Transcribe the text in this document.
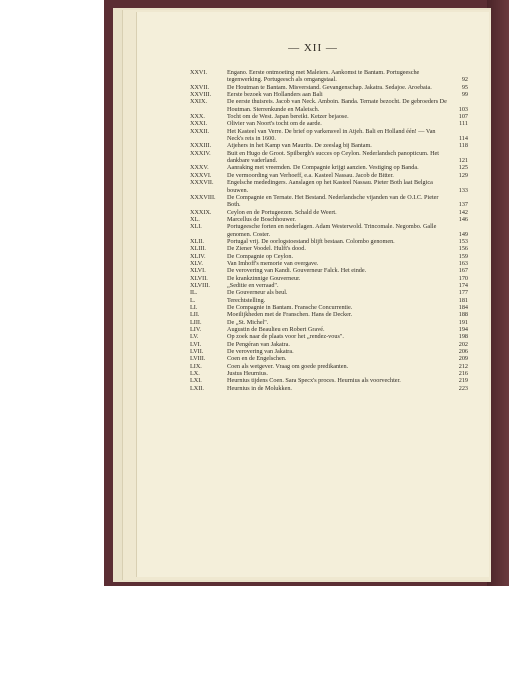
— XII —
XXVI.	Engano. Eerste ontmoeting met Maleiers. Aankomst te Bantam. Portugeesche tegenwerking. Portugeesch als omgangstaal.	92
XXVII.	De Houtman te Bantam. Misverstand. Gevangenschap. Jakatra. Sedajoe. Aroebaia.	95
XXVIII.	Eerste bezoek van Hollanders aan Bali	99
XXIX.	De eerste thuisreis. Jacob van Neck. Amboin. Banda. Ternate bezocht. De gebroeders De Houtman. Sterrenkunde en Maleisch.	103
XXX.	Tocht om de West. Japan bereikt. Ketzer bejaose.	107
XXXI.	Olivier van Noort's tocht om de aarde.	111
XXXII.	Het Kasteel van Verre. De brief op varkensvel in Atjeh. Bali en Holland één! — Van Neck's reis in 1600.	114
XXXIII.	Atjehers in het Kamp van Maurits. De zeeslag bij Bantam.	118
XXXIV.	Buit en Hugo de Groot. Spilbergh's succes op Ceylon. Nederlandsch panopticum. Het dankbare vaderland.	121
XXXV.	Aanraking met vreemden. De Compagnie krijgt aanzien. Vestiging op Banda.	125
XXXVI.	De vermoording van Verhoeff, e.a. Kasteel Nassau. Jacob de Bitter.	129
XXXVII. Engelsche mededingers. Aanslagen op het Kasteel Nassau. Pieter Both laat Belgica bouwen.	133
XXXVIII. De Compagnie en Ternate. Het Bestand. Nederlandsche vijanden van de O.I.C. Pieter Both.	137
XXXIX.	Ceylon en de Portugeezen. Schald de Weert.	142
XL.	Marcellus de Boschhouwer.	146
XLI.	Portugeesche forten en nederlagen. Adam Westerwold. Trincomale. Negombo. Galle genomen. Coster.	149
XLII.	Portugal vrij. De oorlogstoestand blijft bestaan. Colombo genomen.	153
XLIII.	De Ziener Voodel. Hulft's dood.	156
XLIV.	De Compagnie op Ceylon.	159
XLV.	Van Imhoff's memorie van overgave.	163
XLVI.	De verovering van Kandi. Gouverneur Falck. Het einde.	167
XLVII.	De krankzinnige Gouverneur.	170
XLVIII.	„Seditie en verraad".	174
IL.	De Gouverneur als beul.	177
L.	Terechtstelling.	181
LI.	De Compagnie in Bantam. Fransche Concurrentie.	184
LII.	Moeilijkheden met de Franschen. Hans de Decker.	188
LIII.	De „St. Michel".	191
LIV.	Augustin de Beaulieu en Robert Gravé.	194
LV.	Op zoek naar de plaats voor het „rendez-vous".	198
LVI.	De Pengéran van Jakatra.	202
LVII.	De verovering van Jakatra.	206
LVIII.	Coen en de Engelschen.	209
LIX.	Coen als wetgever. Vraag om goede predikanten.	212
LX.	Justus Heurnius.	216
LXI.	Heurnius tijdens Coen. Sara Specx's proces. Heurnius als voorvechter.	219
LXII.	Heurnius in de Molukken.	223
